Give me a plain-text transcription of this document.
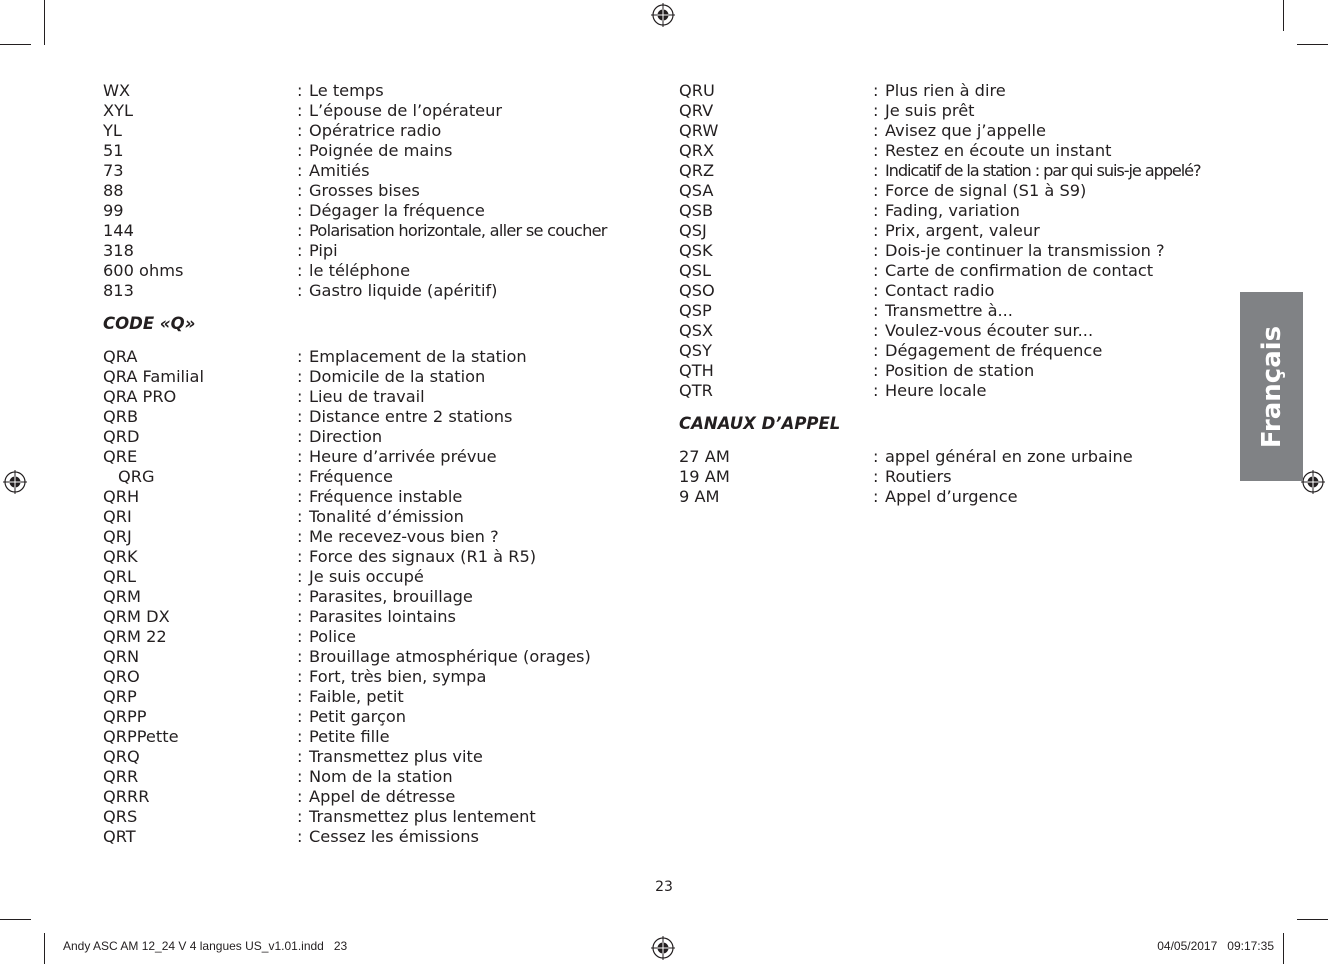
WX	: Le temps
XYL	: L’épouse de l’opérateur
YL	: Opératrice radio
51	: Poignée de mains
73	: Amitiés
88	: Grosses bises
99	: Dégager la fréquence
144	: Polarisation horizontale, aller se coucher
318	: Pipi
600 ohms	: le téléphone
813	: Gastro liquide (apéritif)
CODE «Q»
QRA	: Emplacement de la station
QRA Familial	: Domicile de la station
QRA PRO	: Lieu de travail
QRB	: Distance entre 2 stations
QRD	: Direction
QRE	: Heure d’arrivée prévue
QRG	: Fréquence
QRH	: Fréquence instable
QRI	: Tonalité d’émission
QRJ	: Me recevez-vous bien ?
QRK	: Force des signaux (R1 à R5)
QRL	: Je suis occupé
QRM	: Parasites, brouillage
QRM DX	: Parasites lointains
QRM 22	: Police
QRN	: Brouillage atmosphérique (orages)
QRO	: Fort, très bien, sympa
QRP	: Faible, petit
QRPP	: Petit garçon
QRPPette	: Petite fille
QRQ	: Transmettez plus vite
QRR	: Nom de la station
QRRR	: Appel de détresse
QRS	: Transmettez plus lentement
QRT	: Cessez les émissions
QRU	: Plus rien à dire
QRV	: Je suis prêt
QRW	: Avisez que j’appelle
QRX	: Restez en écoute un instant
QRZ	: Indicatif de la station : par qui suis-je appelé?
QSA	: Force de signal (S1 à S9)
QSB	: Fading, variation
QSJ	: Prix, argent, valeur
QSK	: Dois-je continuer la transmission ?
QSL	: Carte de confirmation de contact
QSO	: Contact radio
QSP	: Transmettre à...
QSX	: Voulez-vous écouter sur...
QSY	: Dégagement de fréquence
QTH	: Position de station
QTR	: Heure locale
CANAUX D’APPEL
27 AM	: appel général en zone urbaine
19 AM	: Routiers
9 AM	: Appel d’urgence
Français
23
Andy ASC AM 12_24 V 4 langues US_v1.01.indd   23	04/05/2017   09:17:35
